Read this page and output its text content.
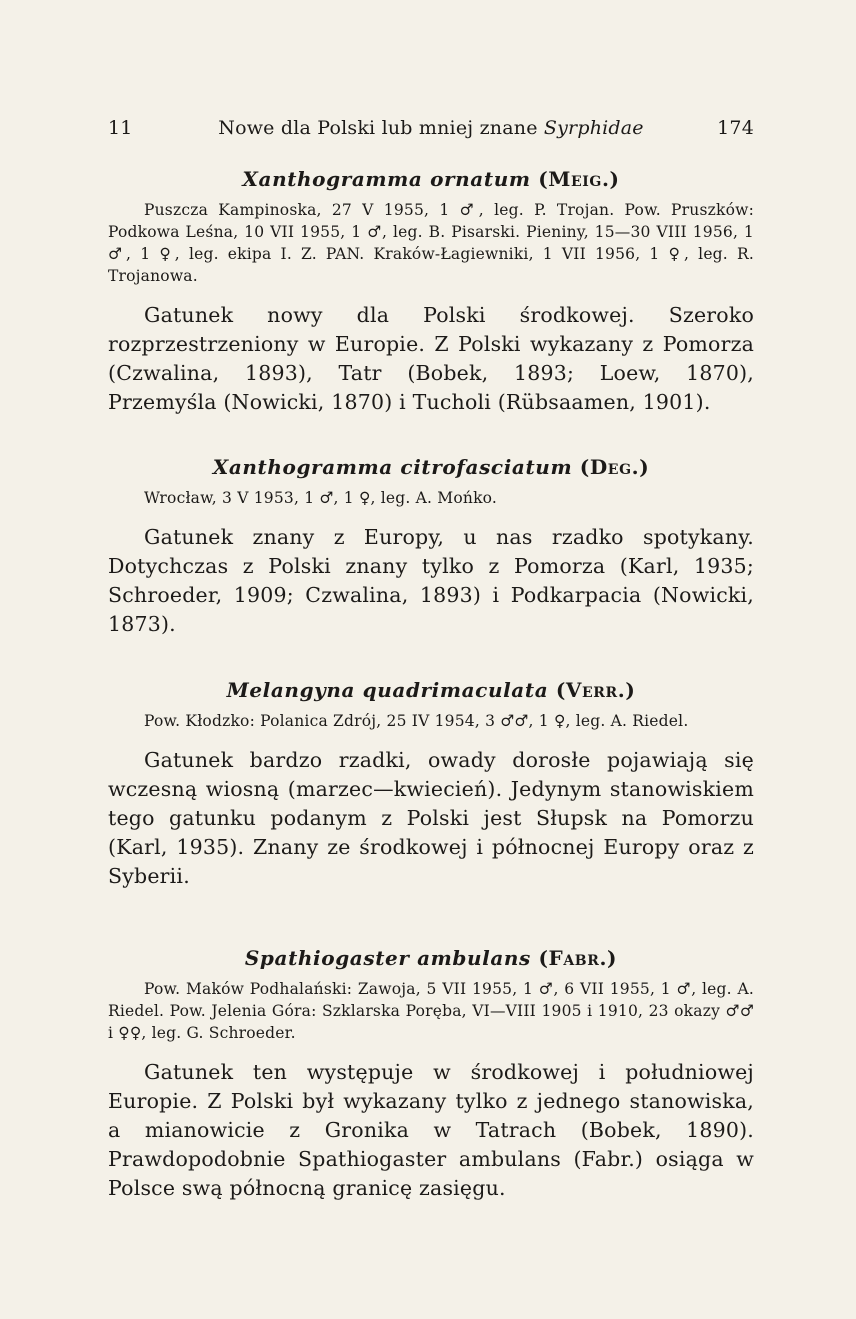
11	Nowe dla Polski lub mniej znane Syrphidae	174
Xanthogramma ornatum (Meig.)

Puszcza Kampinoska, 27 V 1955, 1 ♂, leg. P. Trojan. Pow. Pruszków: Podkowa Leśna, 10 VII 1955, 1 ♂, leg. B. Pisarski. Pieniny, 15—30 VIII 1956, 1 ♂, 1 ♀, leg. ekipa I. Z. PAN. Kraków-Łagiewniki, 1 VII 1956, 1 ♀, leg. R. Trojanowa.

Gatunek nowy dla Polski środkowej. Szeroko rozprzestrzeniony w Europie. Z Polski wykazany z Pomorza (Czwalina, 1893), Tatr (Bobek, 1893; Loew, 1870), Przemyśla (Nowicki, 1870) i Tucholi (Rübsaamen, 1901).

Xanthogramma citrofasciatum (Deg.)

Wrocław, 3 V 1953, 1 ♂, 1 ♀, leg. A. Mońko.

Gatunek znany z Europy, u nas rzadko spotykany. Dotychczas z Polski znany tylko z Pomorza (Karl, 1935; Schroeder, 1909; Czwalina, 1893) i Podkarpacia (Nowicki, 1873).

Melangyna quadrimaculata (Verr.)

Pow. Kłodzko: Polanica Zdrój, 25 IV 1954, 3 ♂♂, 1 ♀, leg. A. Riedel.

Gatunek bardzo rzadki, owady dorosłe pojawiają się wczesną wiosną (marzec—kwiecień). Jedynym stanowiskiem tego gatunku podanym z Polski jest Słupsk na Pomorzu (Karl, 1935). Znany ze środkowej i północnej Europy oraz z Syberii.

Spathiogaster ambulans (Fabr.)

Pow. Maków Podhalański: Zawoja, 5 VII 1955, 1 ♂, 6 VII 1955, 1 ♂, leg. A. Riedel. Pow. Jelenia Góra: Szklarska Poręba, VI—VIII 1905 i 1910, 23 okazy ♂♂ i ♀♀, leg. G. Schroeder.

Gatunek ten występuje w środkowej i południowej Europie. Z Polski był wykazany tylko z jednego stanowiska, a mianowicie z Gronika w Tatrach (Bobek, 1890). Prawdopodobnie Spathiogaster ambulans (Fabr.) osiąga w Polsce swą północną granicę zasięgu.
